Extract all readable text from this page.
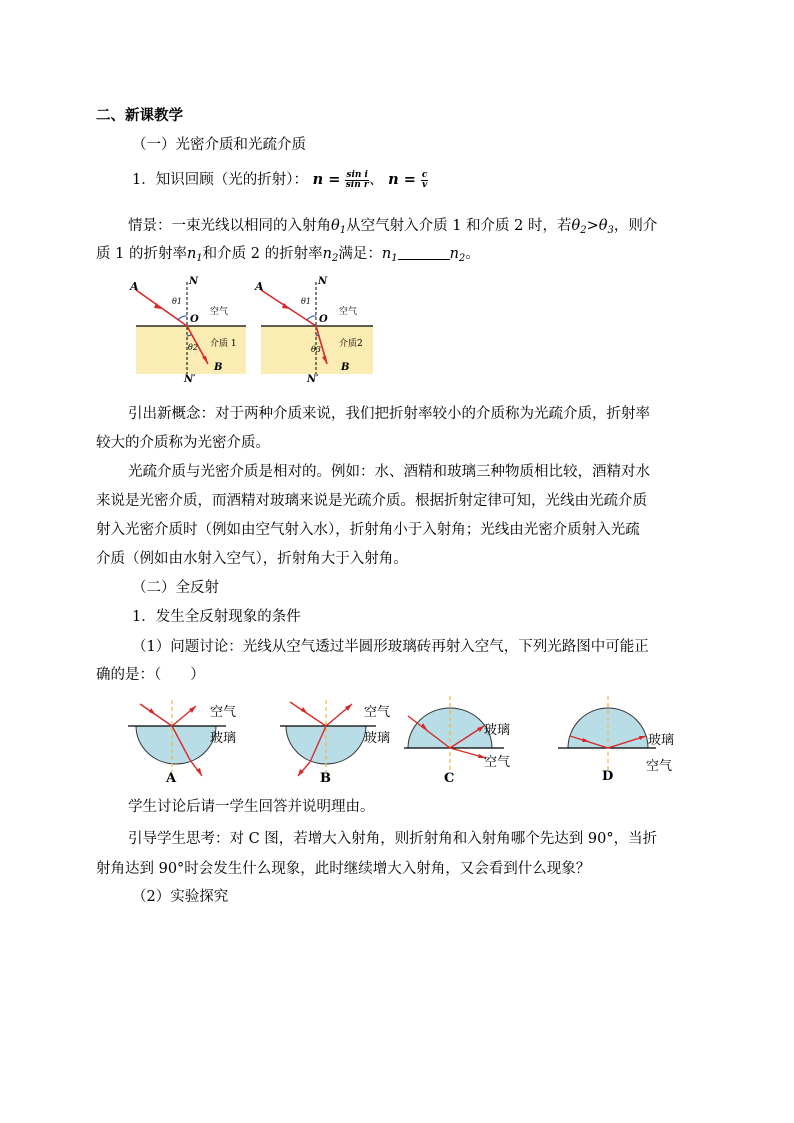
二、新课教学
（一）光密介质和光疏介质
1．知识回顾（光的折射）： $n = \frac{\text{sin i}}{\text{sin r}}$ 、 $n = \frac{c}{v}$
情景：一束光线以相同的入射角$\theta_1$从空气射入介质 1 和介质 2 时，若$\theta_2>\theta_3$，则介
质 1 的折射率$n_1$和介质 2 的折射率$n_2$满足：$n_1$	$n_2$。
A	N
O
θ1
θ2
空气
介质 1
B
N′
A	N
O
θ1
θ3
空气
介质2
B
N′
引出新概念：对于两种介质来说，我们把折射率较小的介质称为光疏介质，折射率
较大的介质称为光密介质。
光疏介质与光密介质是相对的。例如：水、酒精和玻璃三种物质相比较，酒精对水
来说是光密介质，而酒精对玻璃来说是光疏介质。根据折射定律可知，光线由光疏介质
射入光密介质时（例如由空气射入水），折射角小于入射角；光线由光密介质射入光疏
介质（例如由水射入空气），折射角大于入射角。
（二）全反射
1．发生全反射现象的条件
（1）问题讨论：光线从空气透过半圆形玻璃砖再射入空气，下列光路图中可能正
确的是：（　　）
空气
玻璃
A
空气
玻璃
B
玻璃
空气
C
玻璃
空气
D
学生讨论后请一学生回答并说明理由。
引导学生思考：对 C 图，若增大入射角，则折射角和入射角哪个先达到 90°，当折
射角达到 90°时会发生什么现象，此时继续增大入射角，又会看到什么现象？
（2）实验探究
